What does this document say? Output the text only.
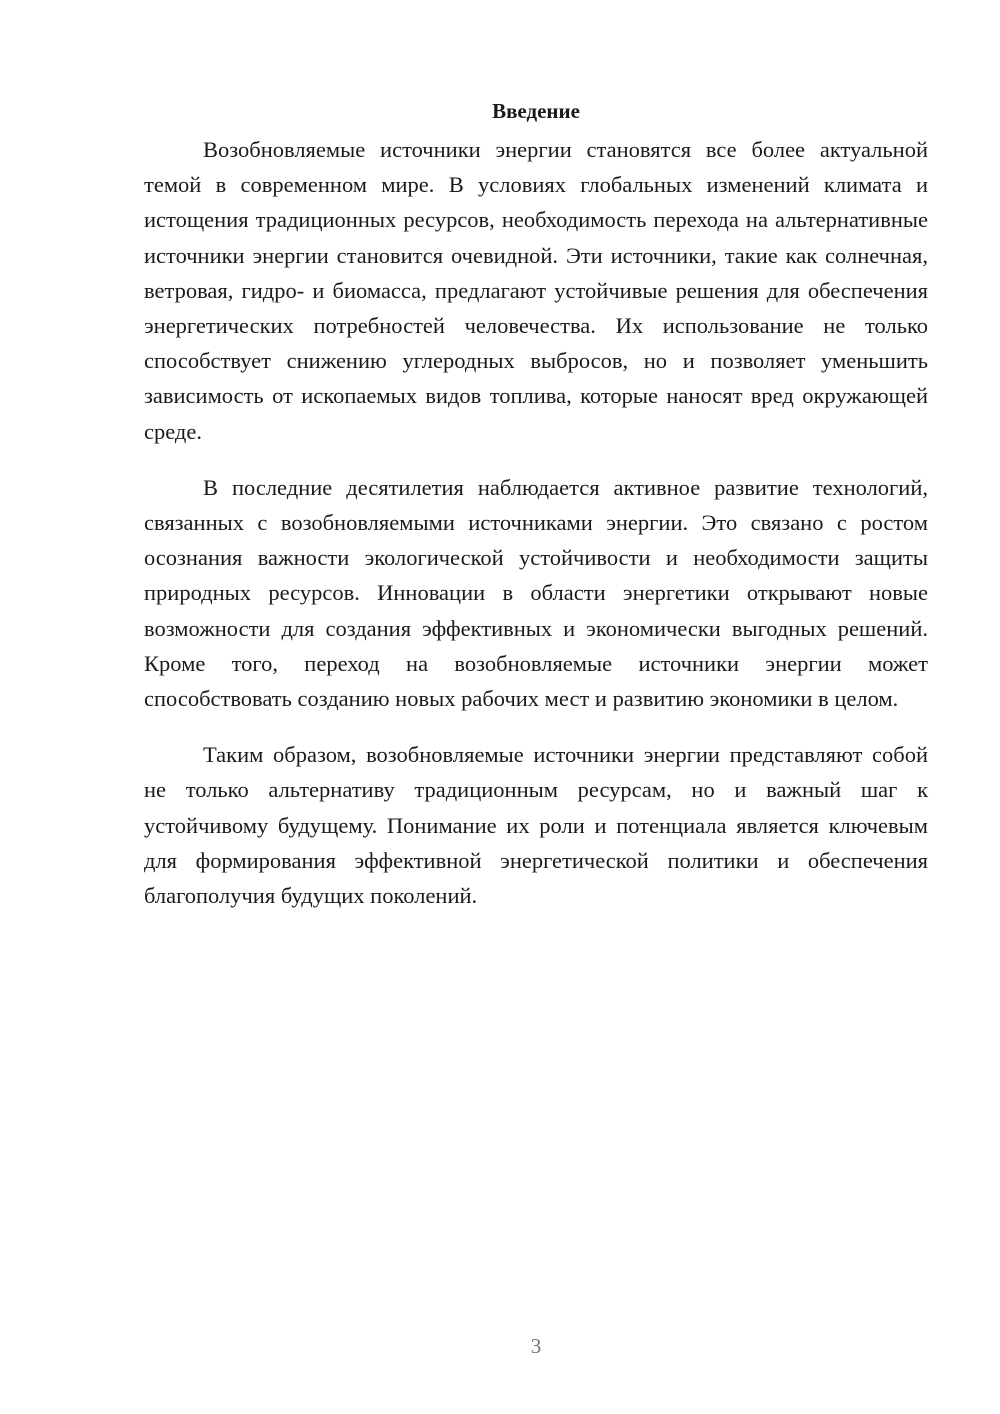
Введение

Возобновляемые источники энергии становятся все более актуальной темой в современном мире. В условиях глобальных изменений климата и истощения традиционных ресурсов, необходимость перехода на альтернативные источники энергии становится очевидной. Эти источники, такие как солнечная, ветровая, гидро- и биомасса, предлагают устойчивые решения для обеспечения энергетических потребностей человечества. Их использование не только способствует снижению углеродных выбросов, но и позволяет уменьшить зависимость от ископаемых видов топлива, которые наносят вред окружающей среде.

В последние десятилетия наблюдается активное развитие технологий, связанных с возобновляемыми источниками энергии. Это связано с ростом осознания важности экологической устойчивости и необходимости защиты природных ресурсов. Инновации в области энергетики открывают новые возможности для создания эффективных и экономически выгодных решений. Кроме того, переход на возобновляемые источники энергии может способствовать созданию новых рабочих мест и развитию экономики в целом.

Таким образом, возобновляемые источники энергии представляют собой не только альтернативу традиционным ресурсам, но и важный шаг к устойчивому будущему. Понимание их роли и потенциала является ключевым для формирования эффективной энергетической политики и обеспечения благополучия будущих поколений.

3
